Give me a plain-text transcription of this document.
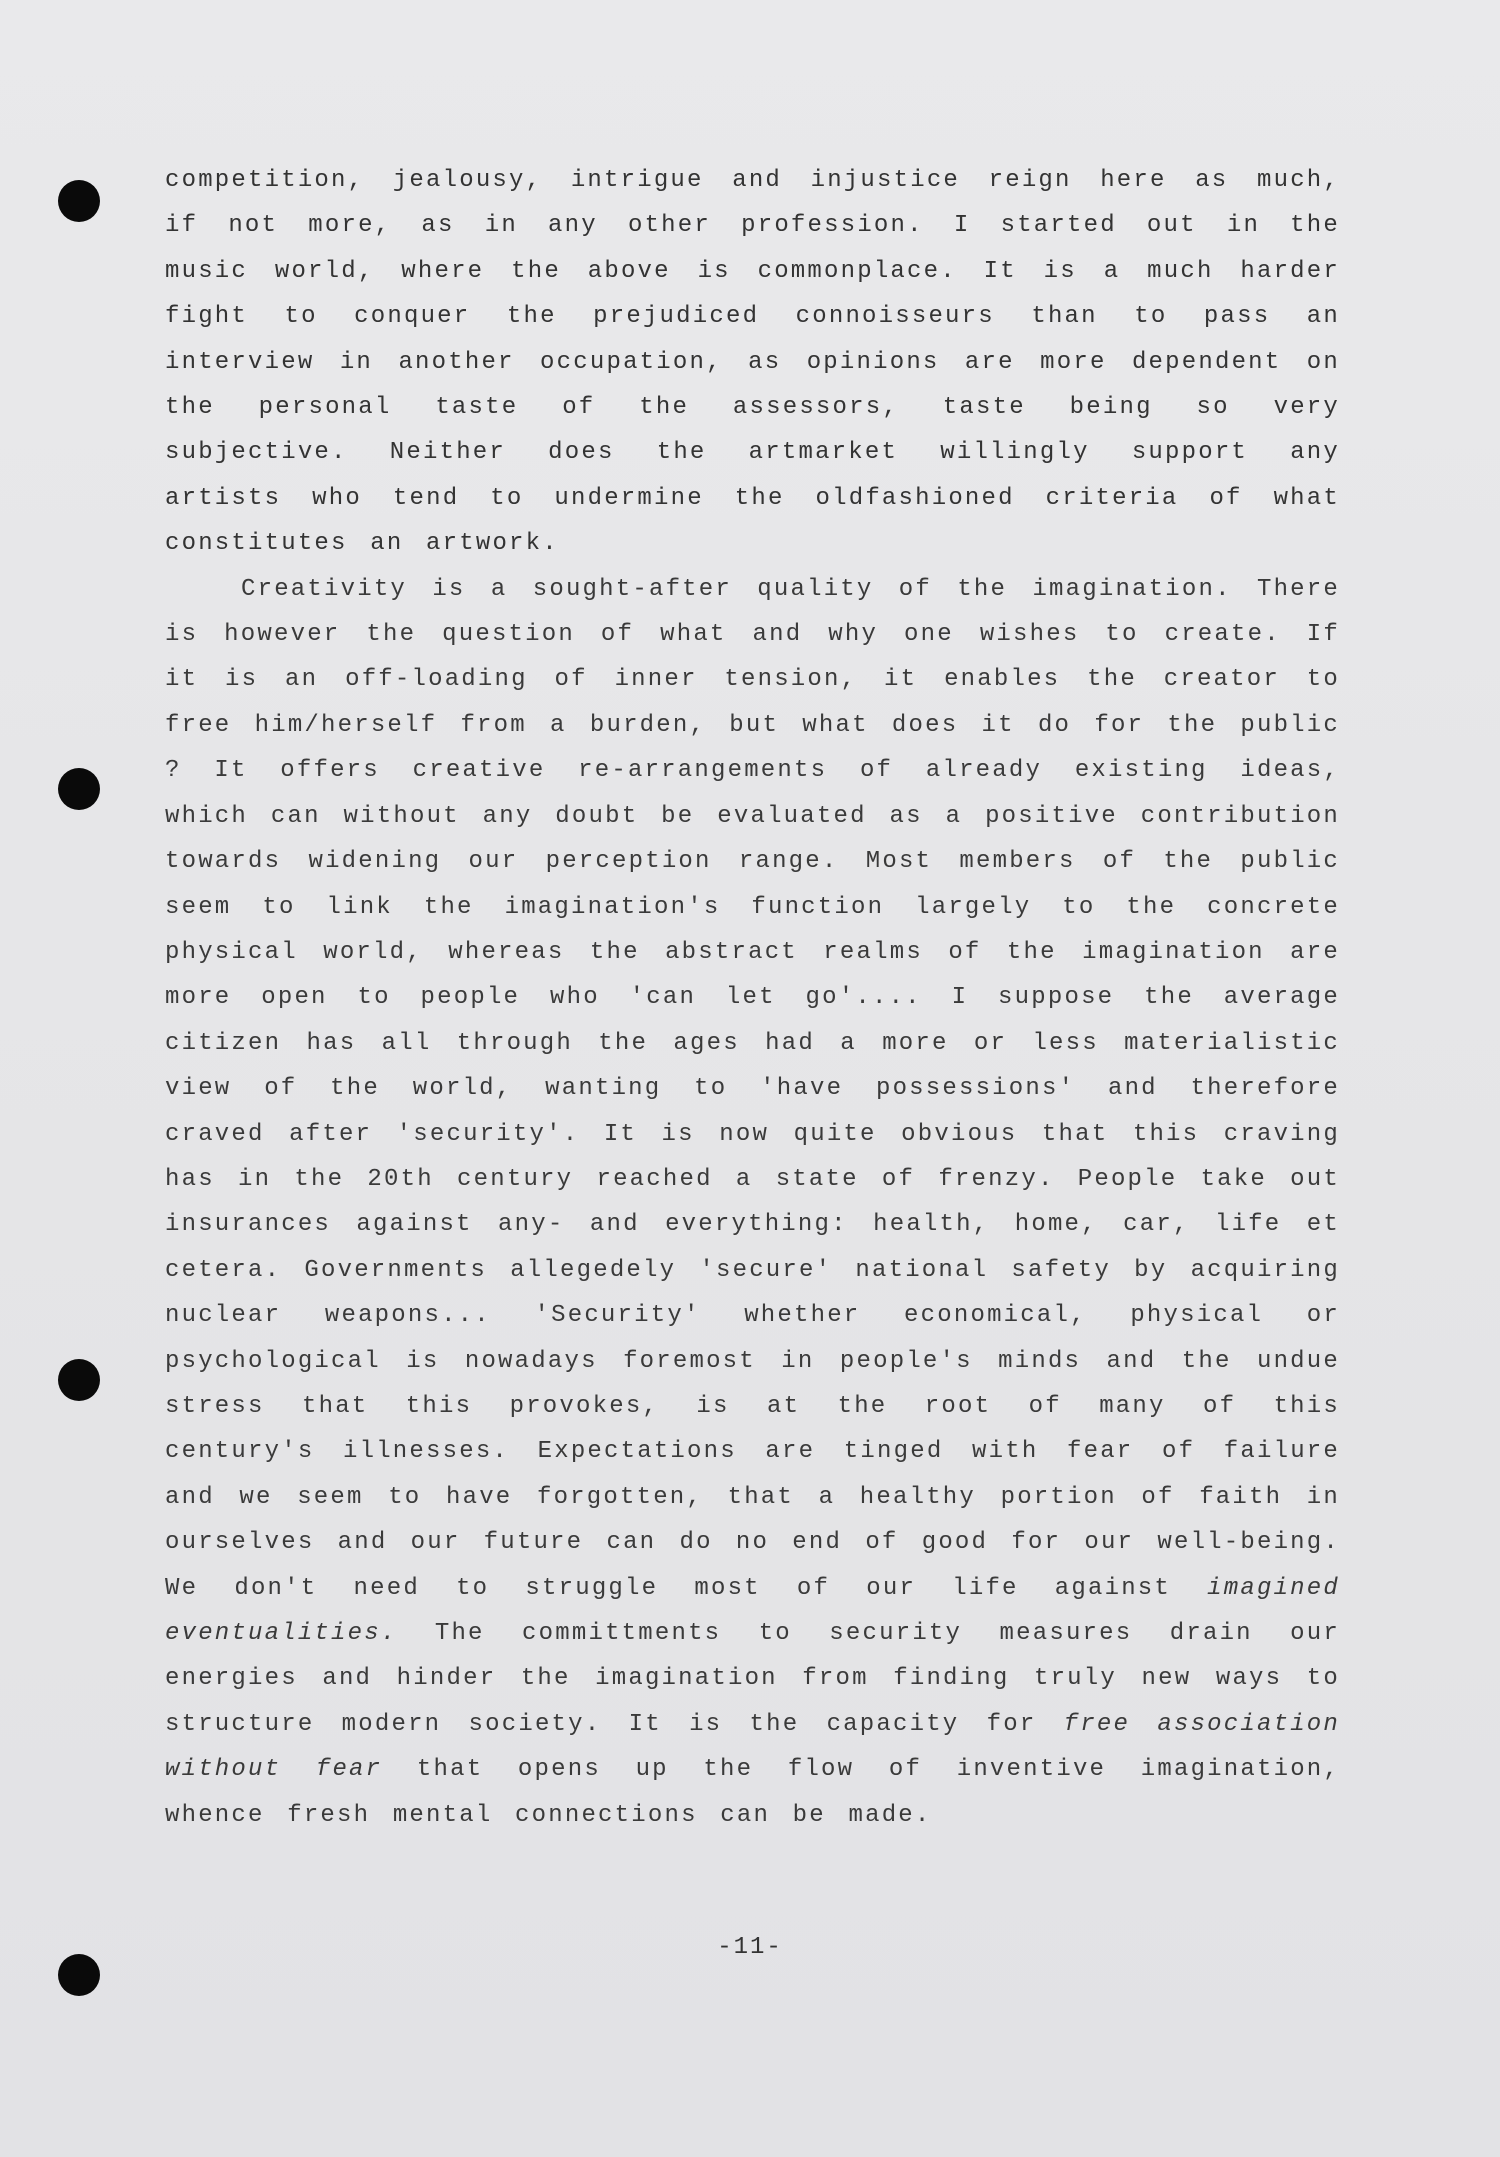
competition, jealousy, intrigue and injustice reign here as much, if not more, as in any other profession. I started out in the music world, where the above is commonplace. It is a much harder fight to conquer the prejudiced connoisseurs than to pass an interview in another occupation, as opinions are more dependent on the personal taste of the assessors, taste being so very subjective. Neither does the artmarket willingly support any artists who tend to undermine the oldfashioned criteria of what constitutes an artwork.

Creativity is a sought-after quality of the imagination. There is however the question of what and why one wishes to create. If it is an off-loading of inner tension, it enables the creator to free him/herself from a burden, but what does it do for the public ? It offers creative re-arrangements of already existing ideas, which can without any doubt be evaluated as a positive contribution towards widening our perception range. Most members of the public seem to link the imagination's function largely to the concrete physical world, whereas the abstract realms of the imagination are more open to people who 'can let go'.... I suppose the average citizen has all through the ages had a more or less materialistic view of the world, wanting to 'have possessions' and therefore craved after 'security'. It is now quite obvious that this craving has in the 20th century reached a state of frenzy. People take out insurances against any- and everything: health, home, car, life et cetera. Governments allegedely 'secure' national safety by acquiring nuclear weapons... 'Security' whether economical, physical or psychological is nowadays foremost in people's minds and the undue stress that this provokes, is at the root of many of this century's illnesses. Expectations are tinged with fear of failure and we seem to have forgotten, that a healthy portion of faith in ourselves and our future can do no end of good for our well-being. We don't need to struggle most of our life against imagined eventualities. The committments to security measures drain our energies and hinder the imagination from finding truly new ways to structure modern society. It is the capacity for free association without fear that opens up the flow of inventive imagination, whence fresh mental connections can be made.

-11-
